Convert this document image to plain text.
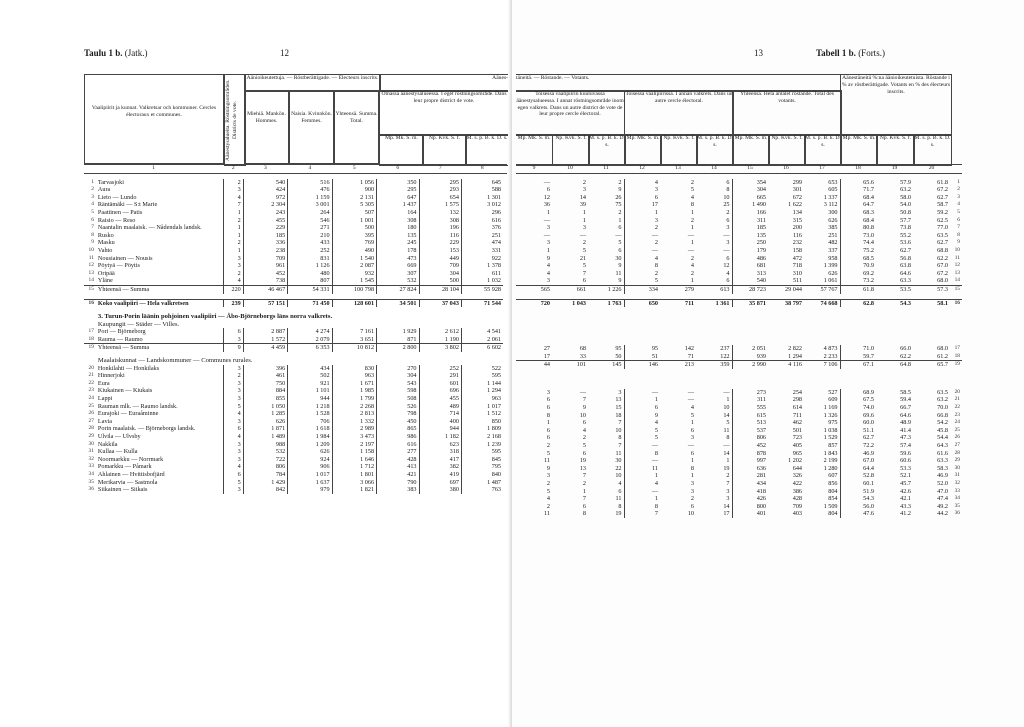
Taulu 1 b. (Jatk.)	12
Vaalipiirit ja kunnat. Valkretsar och kommuner. Cercles électoraux et communes.	Äänestysalueita. Röstningsområden. Districts de vote.
Äänioikeutettuja. — Röstberättigade. — Électeurs inscrits.
Miehiä. Mankön. Hommes.
Naisia. Kvinnkön. Femmes.
Yhteensä. Summa. Total.
Äänes-
Omassa äänestysalueessa. I eget röstningsområde. Dans leur propre district de vote.
Mp. Mk. S. m.	Np. Kvk. S. f.	M. s. p. B. k. D. s.
1		2	3	4	5	6	7	8	

1	Tarvasjoki	2	540	516	1 056	350	295	645	
2	Aura	3	424	476	900	295	293	588	
3	Lieto — Lundo	4	972	1 159	2 131	647	654	1 301	
4	Räntämäki — S:t Marie	7	2 304	3 001	5 305	1 437	1 575	3 012	
5	Paattinen — Patis	1	243	264	507	164	132	296	
6	Raisio — Reso	2	455	546	1 001	308	308	616	
7	Naantalin maalaisk. — Nådendals landsk.	1	229	271	500	180	196	376	
8	Rusko	1	185	210	395	135	116	251	
9	Masku	2	336	433	769	245	229	474	
10	Vahto	1	238	252	490	178	153	331	
11	Nousiainen — Nousis	3	709	831	1 540	473	449	922	
12	Pöytyä — Pöytis	3	961	1 126	2 087	669	709	1 378	
13	Oripää	2	452	480	932	307	304	611	
14	Yläne	4	738	807	1 545	532	500	1 032	
15	Yhteensä — Summa	220	46 467	54 331	100 798	27 824	28 104	55 928	

16	Koko vaalipiiri — Hela valkretsen	239	57 151	71 450	128 601	34 501	37 043	71 544	
	3. Turun-Porin läänin pohjoinen vaalipiiri — Åbo-Björneborgs läns norra valkrets.								
	Kaupungit — Städer — Villes.								
17	Pori — Björneborg	6	2 887	4 274	7 161	1 929	2 612	4 541	
18	Rauma — Raumo	3	1 572	2 079	3 651	871	1 190	2 061	
19	Yhteensä — Summa	9	4 459	6 353	10 812	2 800	3 802	6 602	
	Maalaiskunnat — Landskommuner — Communes rurales.								
20	Honkilahti — Honkilaks	3	396	434	830	270	252	522	
21	Hinnerjoki	2	461	502	963	304	291	595	
22	Eura	3	750	921	1 671	543	601	1 144	
23	Kiukainen — Kiukais	3	884	1 101	1 985	598	696	1 294	
24	Lappi	3	855	944	1 799	508	455	963	
25	Rauman mlk. — Raumo landsk.	5	1 050	1 218	2 268	526	489	1 017	
26	Eurajoki — Euraåminne	4	1 285	1 528	2 813	798	714	1 512	
27	Lavia	3	626	706	1 332	450	400	850	
28	Porin maalaisk. — Björneborgs landsk.	6	1 871	1 618	2 989	865	944	1 809	
29	Ulvila — Ulvsby	4	1 489	1 984	3 473	986	1 182	2 168	
30	Nakkila	3	988	1 209	2 197	616	623	1 239	
31	Kullaa — Kulla	3	532	626	1 158	277	318	595	
32	Noormarkku — Norrmark	3	722	924	1 646	428	417	845	
33	Pomarkku — Påmark	4	806	906	1 712	413	382	795	
34	Ahlainen — Hvittisbofjärd	6	784	1 017	1 801	421	419	840	
35	Merikarvia — Sastmola	5	1 429	1 637	3 066	790	697	1 487	
36	Siikainen — Siikais	3	842	979	1 821	383	380	763	
13	Tabell 1 b. (Forts.)
täneitä. — Röstande. — Votants.
Toisessa vaalipiirin kuuluvassa äänestysalueessa. I annat röstningsområde inom egen valkrets. Dans un autre district de vote de leur propre cercle électoral.
Toisessa vaalipiirissä. I annan valkrets. Dans un autre cercle électoral.
Yhteensä. Hela antalet röstande. Total des votants.
Äänestäneitä %:na äänioikeutetuista. Röstande i % av röstberättigade. Votants en % des électeurs inscrits.
Mp. Mk. S. m. Np. Kvk. S. f. M. s. p. B. k. D. s.
Mp. Mk. S. m. Np. Kvk. S. f. M. s. p. B. k. D. s.
Mp. Mk. S. m. Np. Kvk. S. f. M. s. p. B. k. D. s.
Mp. Mk. S. m. Np. Kvk. S. f. M. s. p. B. k. D. s.
9	10	11	12	13	14	15	16	17	18	19	20	

—	2	2	4	2	6	354	299	653	65.6	57.9	61.8	1
6	3	9	3	5	8	304	301	605	71.7	63.2	67.2	2
12	14	26	6	4	10	665	672	1 337	68.4	58.0	62.7	3
36	39	75	17	8	25	1 490	1 622	3 112	64.7	54.0	58.7	4
1	1	2	1	1	2	166	134	300	68.3	50.8	59.2	5
—	1	1	3	2	6	311	315	626	68.4	57.7	62.5	6
3	3	6	2	1	3	185	200	385	80.8	73.8	77.0	7
—	—	—	—	—	—	135	116	251	73.0	55.2	63.5	8
3	2	5	2	1	3	250	232	482	74.4	53.6	62.7	9
1	5	6	—	—	—	179	158	337	75.2	62.7	68.8	10
9	21	30	4	2	6	486	472	958	68.5	56.8	62.2	11
4	5	9	8	4	12	681	718	1 399	70.9	63.8	67.0	12
4	7	11	2	2	4	313	310	626	69.2	64.6	67.2	13
3	6	9	5	1	6	540	511	1 061	73.2	63.3	68.0	14
565	661	1 226	334	279	613	28 723	29 044	57 767	61.8	53.5	57.3	15

720	1 043	1 763	650	711	1 361	35 871	38 797	74 668	62.8	54.3	58.1	16

27	68	95	95	142	237	2 051	2 822	4 873	71.0	66.0	68.0	17
17	33	50	51	71	122	939	1 294	2 233	59.7	62.2	61.2	18
44	101	145	146	213	359	2 990	4 116	7 106	67.1	64.8	65.7	19

3	—	3	—	—	—	273	254	527	68.9	58.5	63.5	20
6	7	13	1	—	1	311	298	609	67.5	59.4	63.2	21
6	9	15	6	4	10	555	614	1 169	74.0	66.7	70.0	22
8	10	18	9	5	14	615	711	1 326	69.6	64.6	66.8	23
1	6	7	4	1	5	513	462	975	60.0	48.9	54.2	24
6	4	10	5	6	11	537	501	1 038	51.1	41.4	45.8	25
6	2	8	5	3	8	806	723	1 529	62.7	47.3	54.4	26
2	5	7	—	—	—	452	405	857	72.2	57.4	64.3	27
5	6	11	8	6	14	878	965	1 843	46.9	59.6	61.6	28
11	19	30	—	1	1	997	1 202	2 199	67.0	60.6	63.3	29
9	13	22	11	8	19	636	644	1 280	64.4	53.3	58.3	30
3	7	10	1	1	2	281	326	607	52.8	52.1	46.9	31
2	2	4	4	3	7	434	422	856	60.1	45.7	52.0	32
5	1	6	—	3	3	418	386	804	51.9	42.6	47.0	33
4	7	11	1	2	3	426	428	854	54.3	42.1	47.4	34
2	6	8	8	6	14	800	709	1 509	56.0	43.3	49.2	35
11	8	19	7	10	17	401	403	804	47.6	41.2	44.2	36
